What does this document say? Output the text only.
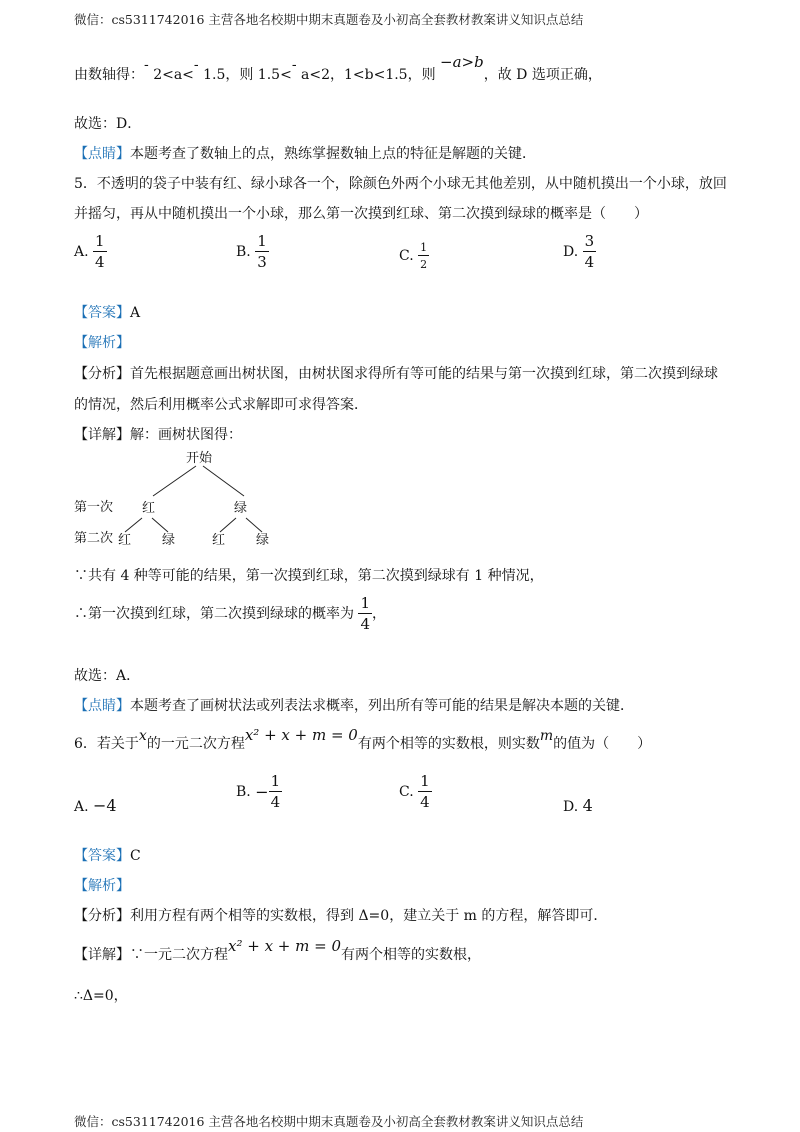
微信：cs5311742016 主营各地名校期中期末真题卷及小初高全套教材教案讲义知识点总结
由数轴得：- 2<a<- 1.5，则 1.5<- a<2，1<b<1.5，则 −a>b，故 D 选项正确，
故选：D．
【点睛】本题考查了数轴上的点，熟练掌握数轴上点的特征是解题的关键．
5．不透明的袋子中装有红、绿小球各一个，除颜色外两个小球无其他差别，从中随机摸出一个小球，放回
并摇匀，再从中随机摸出一个小球，那么第一次摸到红球、第二次摸到绿球的概率是（　　）
A. $\frac{1}{4}$	B. $\frac{1}{3}$	C. $\frac{1}{2}$	D. $\frac{3}{4}$
【答案】A
【解析】
【分析】首先根据题意画出树状图，由树状图求得所有等可能的结果与第一次摸到红球，第二次摸到绿球
的情况，然后利用概率公式求解即可求得答案．
【详解】解：画树状图得：
开始
第一次 红	绿
第二次 红 绿	红 绿
∵共有 4 种等可能的结果，第一次摸到红球，第二次摸到绿球有 1 种情况，
∴第一次摸到红球，第二次摸到绿球的概率为 $\frac{1}{4}$ ，
故选：A．
【点睛】本题考查了画树状法或列表法求概率，列出所有等可能的结果是解决本题的关键．
6．若关于x的一元二次方程x² + x + m = 0有两个相等的实数根，则实数m的值为（　　）
A. −4
B. − $\frac{1}{4}$	C. $\frac{1}{4}$	D. 4
【答案】C
【解析】
【分析】利用方程有两个相等的实数根，得到 Δ=0，建立关于 m 的方程，解答即可．
【详解】∵一元二次方程x² + x + m = 0有两个相等的实数根，
∴Δ=0，
微信：cs5311742016 主营各地名校期中期末真题卷及小初高全套教材教案讲义知识点总结
